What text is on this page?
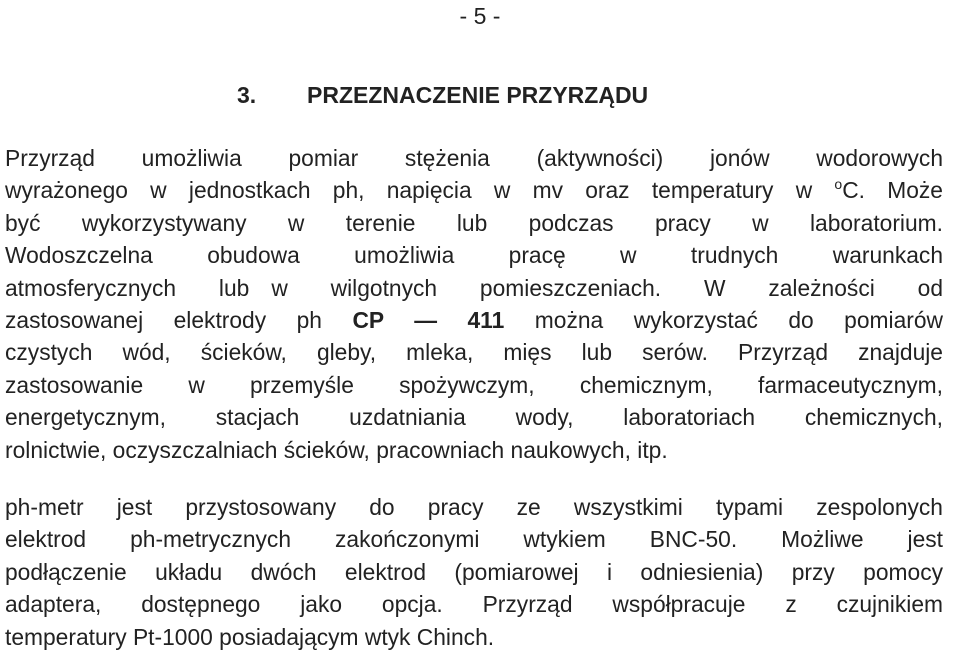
- 5 -
3. PRZEZNACZENIE PRZYRZĄDU
Przyrząd umożliwia pomiar stężenia (aktywności) jonów wodorowych
wyrażonego w jednostkach ph, napięcia w mv oraz temperatury w $^o$C. Może
być wykorzystywany w terenie lub podczas pracy w laboratorium.
Wodoszczelna obudowa umożliwia pracę w trudnych warunkach
atmosferycznych lub w wilgotnych pomieszczeniach. W zależności od
zastosowanej elektrody ph CP — 411 można wykorzystać do pomiarów
czystych wód, ścieków, gleby, mleka, mięs lub serów. Przyrząd znajduje
zastosowanie w przemyśle spożywczym, chemicznym, farmaceutycznym,
energetycznym, stacjach uzdatniania wody, laboratoriach chemicznych,
rolnictwie, oczyszczalniach ścieków, pracowniach naukowych, itp.
ph-metr jest przystosowany do pracy ze wszystkimi typami zespolonych
elektrod ph-metrycznych zakończonymi wtykiem BNC-50. Możliwe jest
podłączenie układu dwóch elektrod (pomiarowej i odniesienia) przy pomocy
adaptera, dostępnego jako opcja. Przyrząd współpracuje z czujnikiem
temperatury Pt-1000 posiadającym wtyk Chinch.
